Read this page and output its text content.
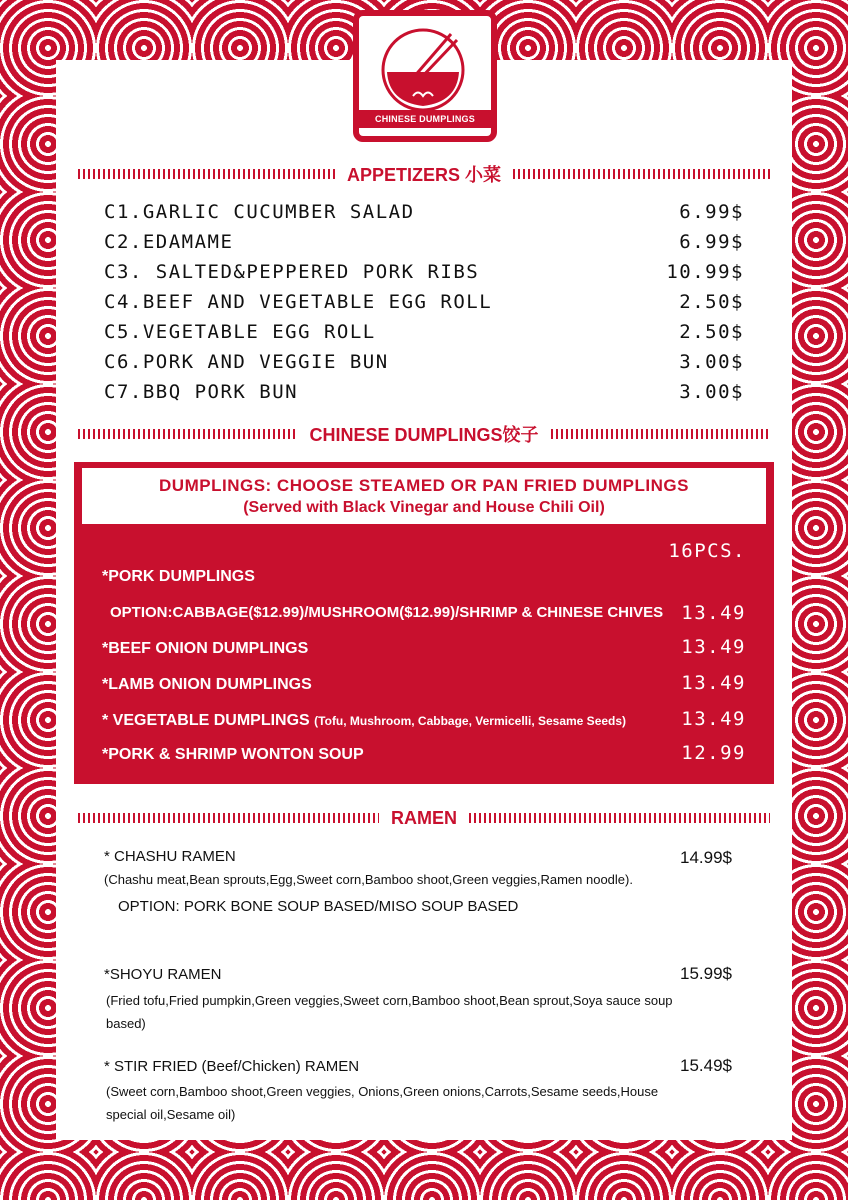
CHINESE DUMPLINGS
APPETIZERS 小菜
C1.GARLIC CUCUMBER SALAD	6.99$
C2.EDAMAME	6.99$
C3. SALTED&PEPPERED PORK RIBS	10.99$
C4.BEEF AND VEGETABLE EGG ROLL	2.50$
C5.VEGETABLE EGG ROLL	2.50$
C6.PORK AND VEGGIE BUN	3.00$
C7.BBQ PORK BUN	3.00$
CHINESE DUMPLINGS饺子
DUMPLINGS: CHOOSE STEAMED OR PAN FRIED DUMPLINGS
(Served with Black Vinegar and House Chili Oil)
16PCS.
*PORK DUMPLINGS
OPTION:CABBAGE($12.99)/MUSHROOM($12.99)/SHRIMP & CHINESE CHIVES 13.49
*BEEF ONION DUMPLINGS	13.49
*LAMB ONION DUMPLINGS	13.49
* VEGETABLE DUMPLINGS (Tofu, Mushroom, Cabbage, Vermicelli, Sesame Seeds)	13.49
*PORK & SHRIMP WONTON SOUP	12.99
RAMEN
* CHASHU RAMEN	14.99$
(Chashu meat,Bean sprouts,Egg,Sweet corn,Bamboo shoot,Green veggies,Ramen noodle).
OPTION: PORK BONE SOUP BASED/MISO SOUP BASED
*SHOYU RAMEN	15.99$
(Fried tofu,Fried pumpkin,Green veggies,Sweet corn,Bamboo shoot,Bean sprout,Soya sauce soup based)
* STIR FRIED (Beef/Chicken) RAMEN	15.49$
(Sweet corn,Bamboo shoot,Green veggies, Onions,Green onions,Carrots,Sesame seeds,House special oil,Sesame oil)
